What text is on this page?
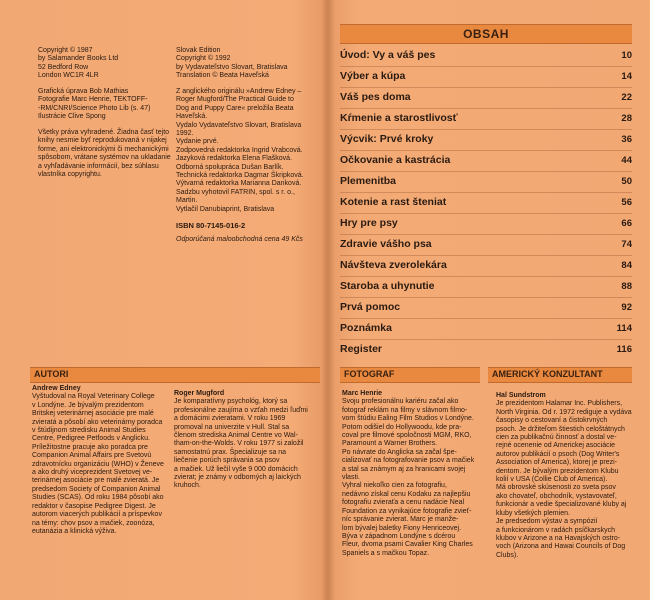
Copyright © 1987
by Salamander Books Ltd
52 Bedford Row
London WC1R 4LR
Grafická úprava Bob Mathias
Fotografie Marc Henrie, TEKTOFF-
-RM/CNRI/Science Photo Lib (s. 47)
Ilustrácie Clive Spong
Všetky práva vyhradené. Žiadna časť tejto
knihy nesmie byť reprodukovaná v nijakej
forme, ani elektronickými či mechanickými
spôsobom, vrátane systémov na ukladanie
a vyhľadávanie informácií, bez súhlasu
vlastníka copyrightu.
Slovak Edition
Copyright © 1992
by Vydavateľstvo Slovart, Bratislava
Translation © Beata Haveľská
Z anglického originálu »Andrew Edney –
Roger Mugford/The Practical Guide to
Dog and Puppy Care« preložila Beata
Haveľská.
Vydalo Vydavateľstvo Slovart, Bratislava
1992.
Vydanie prvé.
Zodpovedná redaktorka Ingrid Vrabcová.
Jazyková redaktorka Elena Flašková.
Odborná spolupráca Dušan Barlík.
Technická redaktorka Dagmar Škripková.
Výtvarná redaktorka Marianna Danková.
Sadzbu vyhotovil FATRIN, spol. s r. o.,
Martin.
Vytlačil Danubiaprint, Bratislava
ISBN 80-7145-016-2
Odporúčaná maloobchodná cena 49 Kčs
OBSAH
Úvod: Vy a váš pes	10
Výber a kúpa	14
Váš pes doma	22
Kŕmenie a starostlivosť	28
Výcvik: Prvé kroky	36
Očkovanie a kastrácia	44
Plemenitba	50
Kotenie a rast šteniat	56
Hry pre psy	66
Zdravie vášho psa	74
Návšteva zverolekára	84
Staroba a uhynutie	88
Prvá pomoc	92
Poznámka	114
AUTORI	FOTOGRAF	AMERICKÝ KONZULTANT
Andrew Edney
Vyštudoval na Royal Veterinary College
v Londýne. Je bývalým prezidentom
Britskej veterinárnej asociácie pre malé
zvieratá a pôsobí ako veterinárny poradca
v štúdijnom stredisku Animal Studies
Centre, Pedigree Petfoods v Anglicku.
Príležitostne pracuje ako poradca pre
Companion Animal Affairs pre Svetovú
zdravotnícku organizáciu (WHO) v Ženeve
a ako druhý viceprezident Svetovej ve-
terinárnej asociácie pre malé zvieratá. Je
predsedom Society of Companion Animal
Studies (SCAS). Od roku 1984 pôsobí ako
redaktor v časopise Pedigree Digest. Je
autorom viacerých publikácií a príspevkov
na témy: chov psov a mačiek, zoonóza,
eutanázia a klinická výživa.
Roger Mugford
Je komparatívny psychológ, ktorý sa
profesionálne zaujíma o vzťah medzi ľuďmi
a domácimi zvieratami. V roku 1969
promoval na univerzite v Hull. Stal sa
členom strediska Animal Centre vo Wal-
tham-on-the-Wolds. V roku 1977 si založil
samostatnú prax. Špecializuje sa na
liečenie porúch správania sa psov
a mačiek. Už liečil vyše 9 000 domácich
zvierat; je známy v odborných aj laických
kruhoch.
Marc Henrie
Svoju profesionálnu kariéru začal ako
fotograf reklám na filmy v slávnom filmo-
vom štúdiu Ealing Film Studios v Londýne.
Potom odišiel do Hollywoodu, kde pra-
coval pre filmové spoločnosti MGM, RKO,
Paramount a Warner Brothers.
Po návrate do Anglicka sa začal špe-
cializovať na fotografovanie psov a mačiek
a stal sa známym aj za hranicami svojej
vlasti.
Vyhral niekoľko cien za fotografiu,
nedávno získal cenu Kodaku za najlepšiu
fotografiu zvieraťa a cenu nadácie Neal
Foundation za vynikajúce fotografie zvieť-
níc správanie zvierat. Marc je manže-
lom bývalej baletky Fiony Henriceovej.
Býva v západnom Londýne s dcérou
Fleur, dvoma psami Cavalier King Charles
Spaniels a s mačkou Topaz.
Hal Sundstrom
Je prezidentom Halamar Inc. Publishers,
North Virginia. Od r. 1972 rediguje a vydáva
časopisy o cestovaní a čistokrvných
psoch. Je držiteľom štiestich celoštátnych
cien za publikačnú činnosť a dostal ve-
rejné ocenenie od Americkej asociácie
autorov publikácií o psoch (Dog Writer's
Association of America), ktorej je prezi-
dentom. Je bývalým prezidentom Klubu
kolií v USA (Collie Club of America).
Má obrovské skúsenosti zo sveta psov
ako chovateľ, obchodník, vystavovateľ,
funkcionár a vedie špecializované kluby aj
kluby všetkých plemien.
Je predsedom výstav a sympózií
a funkcionárom v radách psíčkarskych
klubov v Arizone a na Havajských ostro-
voch (Arizona and Hawai Councils of Dog
Clubs).
Register	116
